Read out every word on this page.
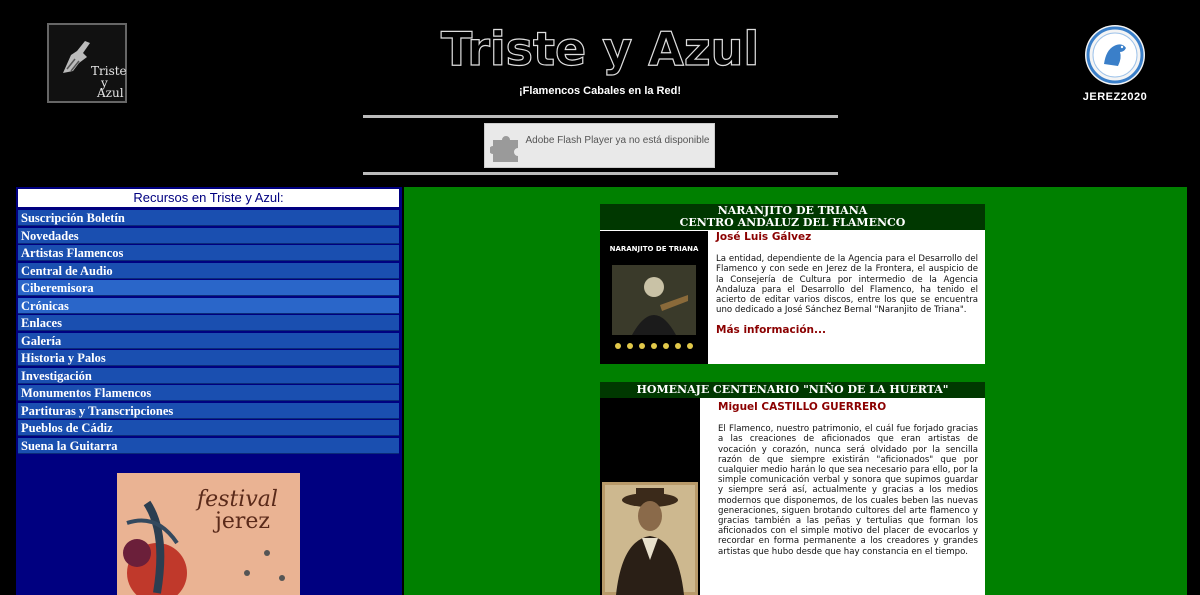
Triste
y
Azul
Triste y Azul
¡Flamencos Cabales en la Red!
Adobe Flash Player ya no está disponible
JEREZ2020
Recursos en Triste y Azul:
Suscripción Boletín
Novedades
Artistas Flamencos
Central de Audio
Ciberemisora
Crónicas
Enlaces
Galería
Historia y Palos
Investigación
Monumentos Flamencos
Partituras y Transcripciones
Pueblos de Cádiz
Suena la Guitarra
festival
jerez
NARANJITO DE TRIANA
CENTRO ANDALUZ DEL FLAMENCO
NARANJITO DE TRIANA
José Luis Gálvez
La entidad, dependiente de la Agencia para el Desarrollo del Flamenco y con sede en Jerez de la Frontera, el auspicio de la Consejería de Cultura por intermedio de la Agencia Andaluza para el Desarrollo del Flamenco, ha tenido el acierto de editar varios discos, entre los que se encuentra uno dedicado a José Sánchez Bernal "Naranjito de Triana".
Más información...
HOMENAJE CENTENARIO "NIÑO DE LA HUERTA"
Miguel CASTILLO GUERRERO
El Flamenco, nuestro patrimonio, el cuál fue forjado gracias a las creaciones de aficionados que eran artistas de vocación y corazón, nunca será olvidado por la sencilla razón de que siempre existirán "aficionados" que por cualquier medio harán lo que sea necesario para ello, por la simple comunicación verbal y sonora que supimos guardar y siempre será así, actualmente y gracias a los medios modernos que disponemos, de los cuales beben las nuevas generaciones, siguen brotando cultores del arte flamenco y gracias también a las peñas y tertulias que forman los aficionados con el simple motivo del placer de evocarlos y recordar en forma permanente a los creadores y grandes artistas que hubo desde que hay constancia en el tiempo.
